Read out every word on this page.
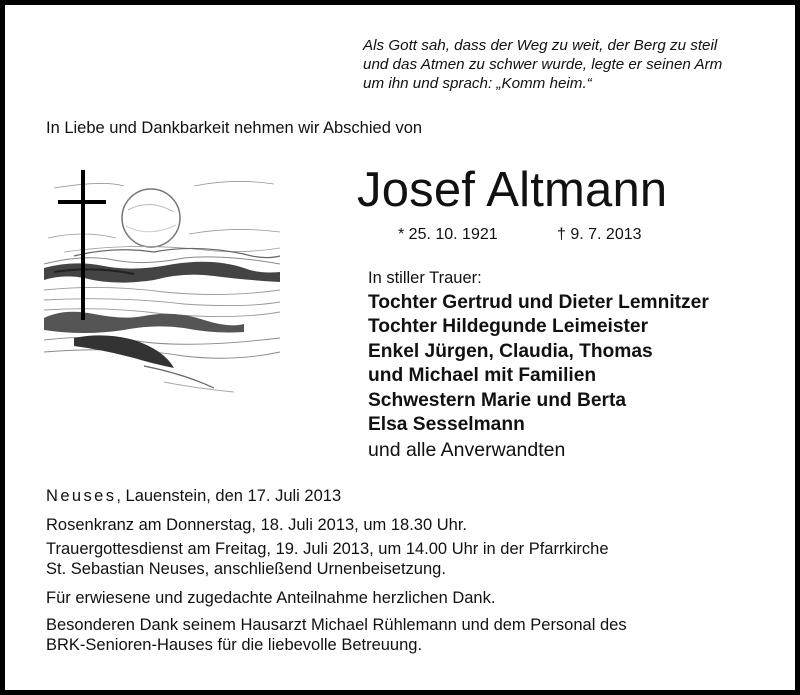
Als Gott sah, dass der Weg zu weit, der Berg zu steil
und das Atmen zu schwer wurde, legte er seinen Arm
um ihn und sprach: „Komm heim.“
In Liebe und Dankbarkeit nehmen wir Abschied von
Josef Altmann
* 25. 10. 1921	† 9. 7. 2013
In stiller Trauer:
Tochter Gertrud und Dieter Lemnitzer
Tochter Hildegunde Leimeister
Enkel Jürgen, Claudia, Thomas
und Michael mit Familien
Schwestern Marie und Berta
Elsa Sesselmann
und alle Anverwandten
Neuses, Lauenstein, den 17. Juli 2013
Rosenkranz am Donnerstag, 18. Juli 2013, um 18.30 Uhr.
Trauergottesdienst am Freitag, 19. Juli 2013, um 14.00 Uhr in der Pfarrkirche
St. Sebastian Neuses, anschließend Urnenbeisetzung.
Für erwiesene und zugedachte Anteilnahme herzlichen Dank.
Besonderen Dank seinem Hausarzt Michael Rühlemann und dem Personal des
BRK-Senioren-Hauses für die liebevolle Betreuung.
